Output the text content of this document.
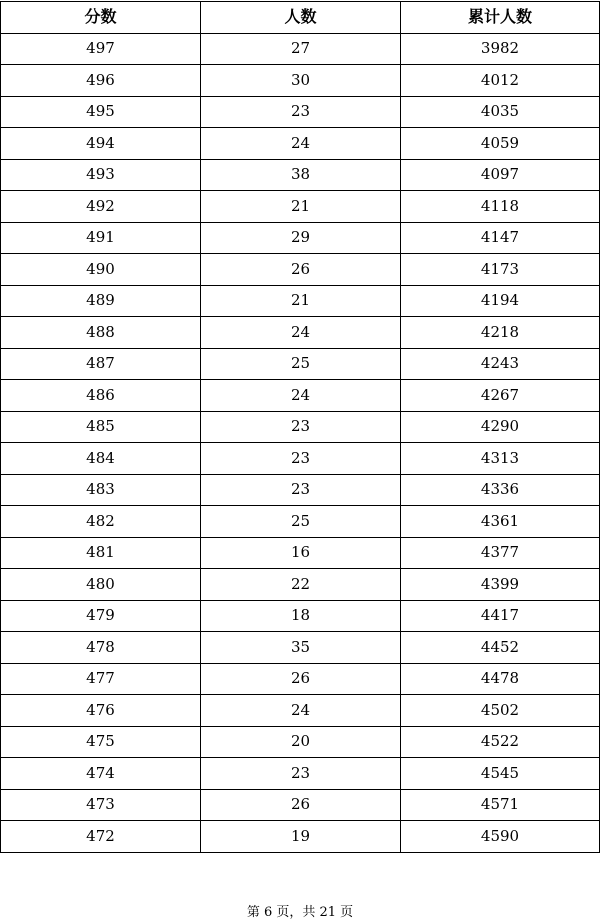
分数	人数	累计人数
497	27	3982
496	30	4012
495	23	4035
494	24	4059
493	38	4097
492	21	4118
491	29	4147
490	26	4173
489	21	4194
488	24	4218
487	25	4243
486	24	4267
485	23	4290
484	23	4313
483	23	4336
482	25	4361
481	16	4377
480	22	4399
479	18	4417
478	35	4452
477	26	4478
476	24	4502
475	20	4522
474	23	4545
473	26	4571
472	19	4590
第 6 页，共 21 页
